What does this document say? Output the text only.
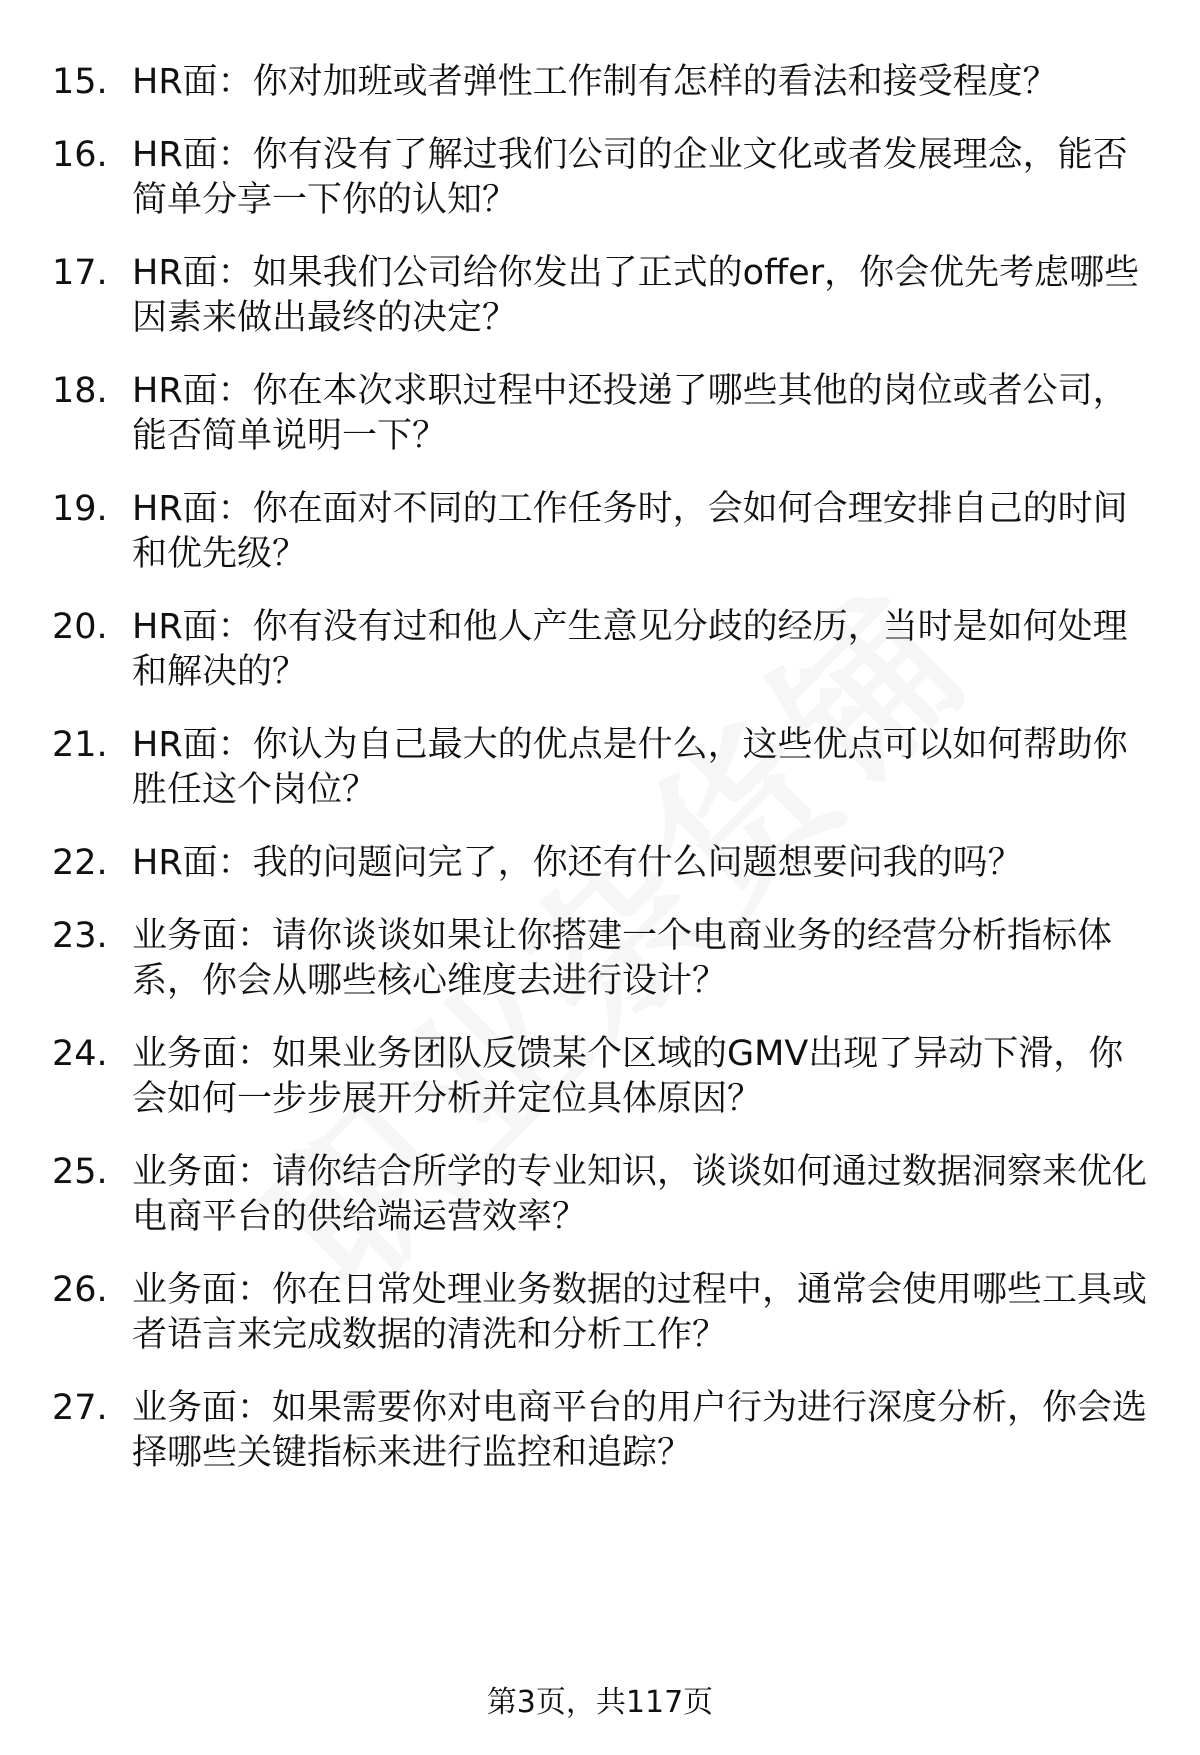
15. HR面：你对加班或者弹性工作制有怎样的看法和接受程度？
16. HR面：你有没有了解过我们公司的企业文化或者发展理念，能否简单分享一下你的认知？
17. HR面：如果我们公司给你发出了正式的offer，你会优先考虑哪些因素来做出最终的决定？
18. HR面：你在本次求职过程中还投递了哪些其他的岗位或者公司，能否简单说明一下？
19. HR面：你在面对不同的工作任务时，会如何合理安排自己的时间和优先级？
20. HR面：你有没有过和他人产生意见分歧的经历，当时是如何处理和解决的？
21. HR面：你认为自己最大的优点是什么，这些优点可以如何帮助你胜任这个岗位？
22. HR面：我的问题问完了，你还有什么问题想要问我的吗？
23. 业务面：请你谈谈如果让你搭建一个电商业务的经营分析指标体系，你会从哪些核心维度去进行设计？
24. 业务面：如果业务团队反馈某个区域的GMV出现了异动下滑，你会如何一步步展开分析并定位具体原因？
25. 业务面：请你结合所学的专业知识，谈谈如何通过数据洞察来优化电商平台的供给端运营效率？
26. 业务面：你在日常处理业务数据的过程中，通常会使用哪些工具或者语言来完成数据的清洗和分析工作？
27. 业务面：如果需要你对电商平台的用户行为进行深度分析，你会选择哪些关键指标来进行监控和追踪？
第3页，共117页
